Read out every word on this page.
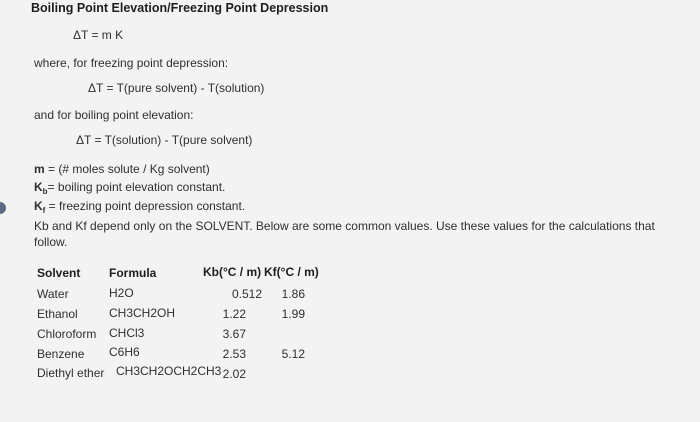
Boiling Point Elevation/Freezing Point Depression
ΔT = m K
where, for freezing point depression:
ΔT = T(pure solvent) - T(solution)
and for boiling point elevation:
ΔT = T(solution) - T(pure solvent)
m = (# moles solute / Kg solvent)
$K_b=$ boiling point elevation constant.
$K_f$ = freezing point depression constant.
Kb and Kf depend only on the SOLVENT. Below are some common values. Use these values for the calculations that follow.
Solvent Formula	Kb(°C / m) Kf(°C / m)
Water	H2O	0.512	1.86
Ethanol	CH3CH2OH	1.22	1.99
Chloroform CHCl3	3.67
Benzene C6H6	2.53	5.12
Diethyl ether CH3CH2OCH2CH3 2.02
